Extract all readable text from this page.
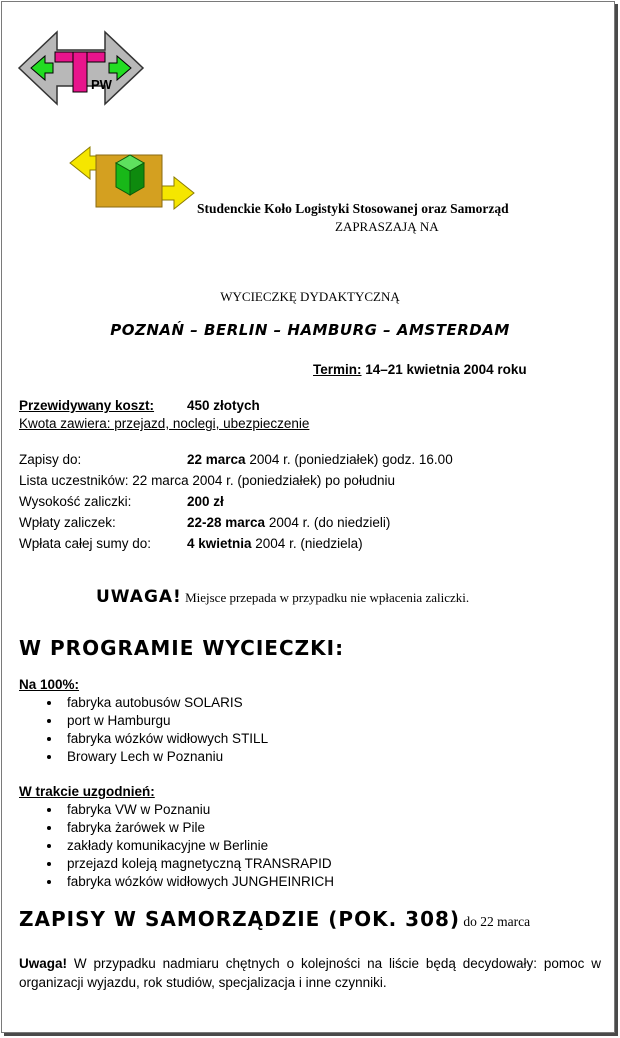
PW
Studenckie Koło Logistyki Stosowanej oraz Samorząd
ZAPRASZAJĄ NA
WYCIECZKĘ DYDAKTYCZNĄ
POZNAŃ – BERLIN – HAMBURG – AMSTERDAM
Termin: 14–21 kwietnia 2004 roku
Przewidywany koszt: 450 złotych
Kwota zawiera: przejazd, noclegi, ubezpieczenie
Zapisy do:	22 marca 2004 r. (poniedziałek) godz. 16.00
Lista uczestników: 22 marca 2004 r. (poniedziałek) po południu
Wysokość zaliczki:	200 zł
Wpłaty zaliczek:	22-28 marca 2004 r. (do niedzieli)
Wpłata całej sumy do:	4 kwietnia 2004 r. (niedziela)
UWAGA! Miejsce przepada w przypadku nie wpłacenia zaliczki.
W PROGRAMIE WYCIECZKI:
Na 100%:
fabryka autobusów SOLARIS
port w Hamburgu
fabryka wózków widłowych STILL
Browary Lech w Poznaniu
W trakcie uzgodnień:
fabryka VW w Poznaniu
fabryka żarówek w Pile
zakłady komunikacyjne w Berlinie
przejazd koleją magnetyczną TRANSRAPID
fabryka wózków widłowych JUNGHEINRICH
ZAPISY W SAMORZĄDZIE (POK. 308) do 22 marca
Uwaga! W przypadku nadmiaru chętnych o kolejności na liście będą decydowały: pomoc w organizacji wyjazdu, rok studiów, specjalizacja i inne czynniki.
